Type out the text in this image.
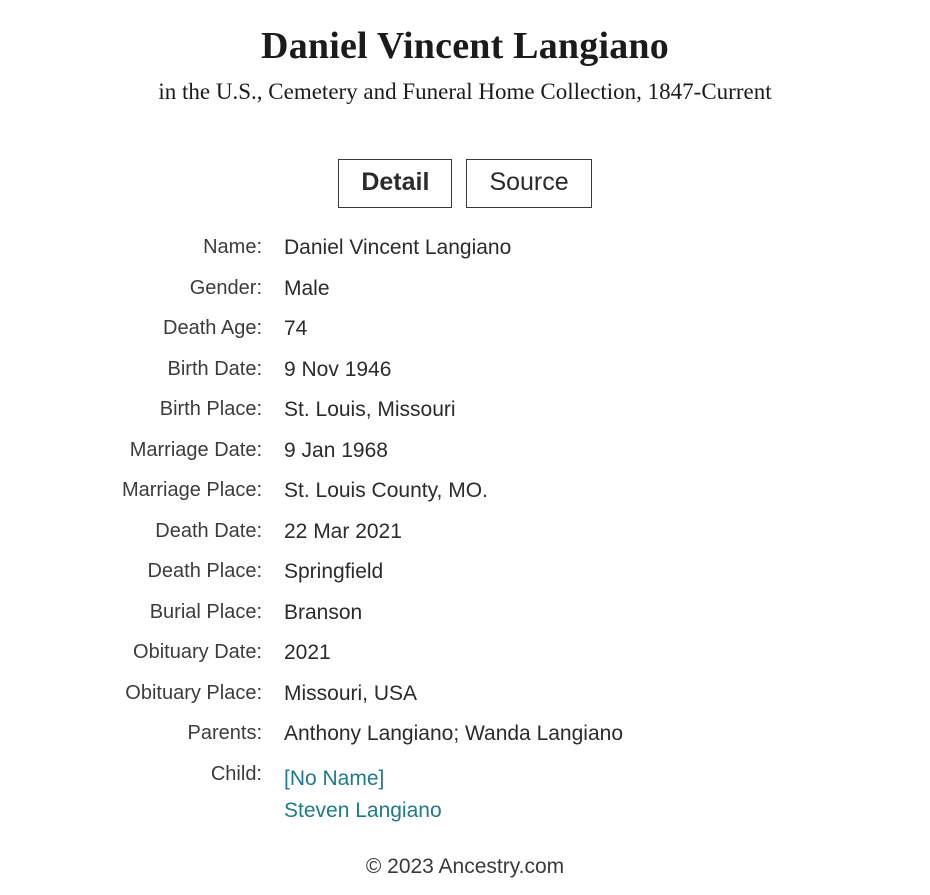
Daniel Vincent Langiano
in the U.S., Cemetery and Funeral Home Collection, 1847-Current
Detail	Source
Name:	Daniel Vincent Langiano
Gender:	Male
Death Age:	74
Birth Date:	9 Nov 1946
Birth Place:	St. Louis, Missouri
Marriage Date:	9 Jan 1968
Marriage Place:	St. Louis County, MO.
Death Date:	22 Mar 2021
Death Place:	Springfield
Burial Place:	Branson
Obituary Date:	2021
Obituary Place:	Missouri, USA
Parents:	Anthony Langiano; Wanda Langiano
Child:	[No Name]
Steven Langiano
© 2023 Ancestry.com
